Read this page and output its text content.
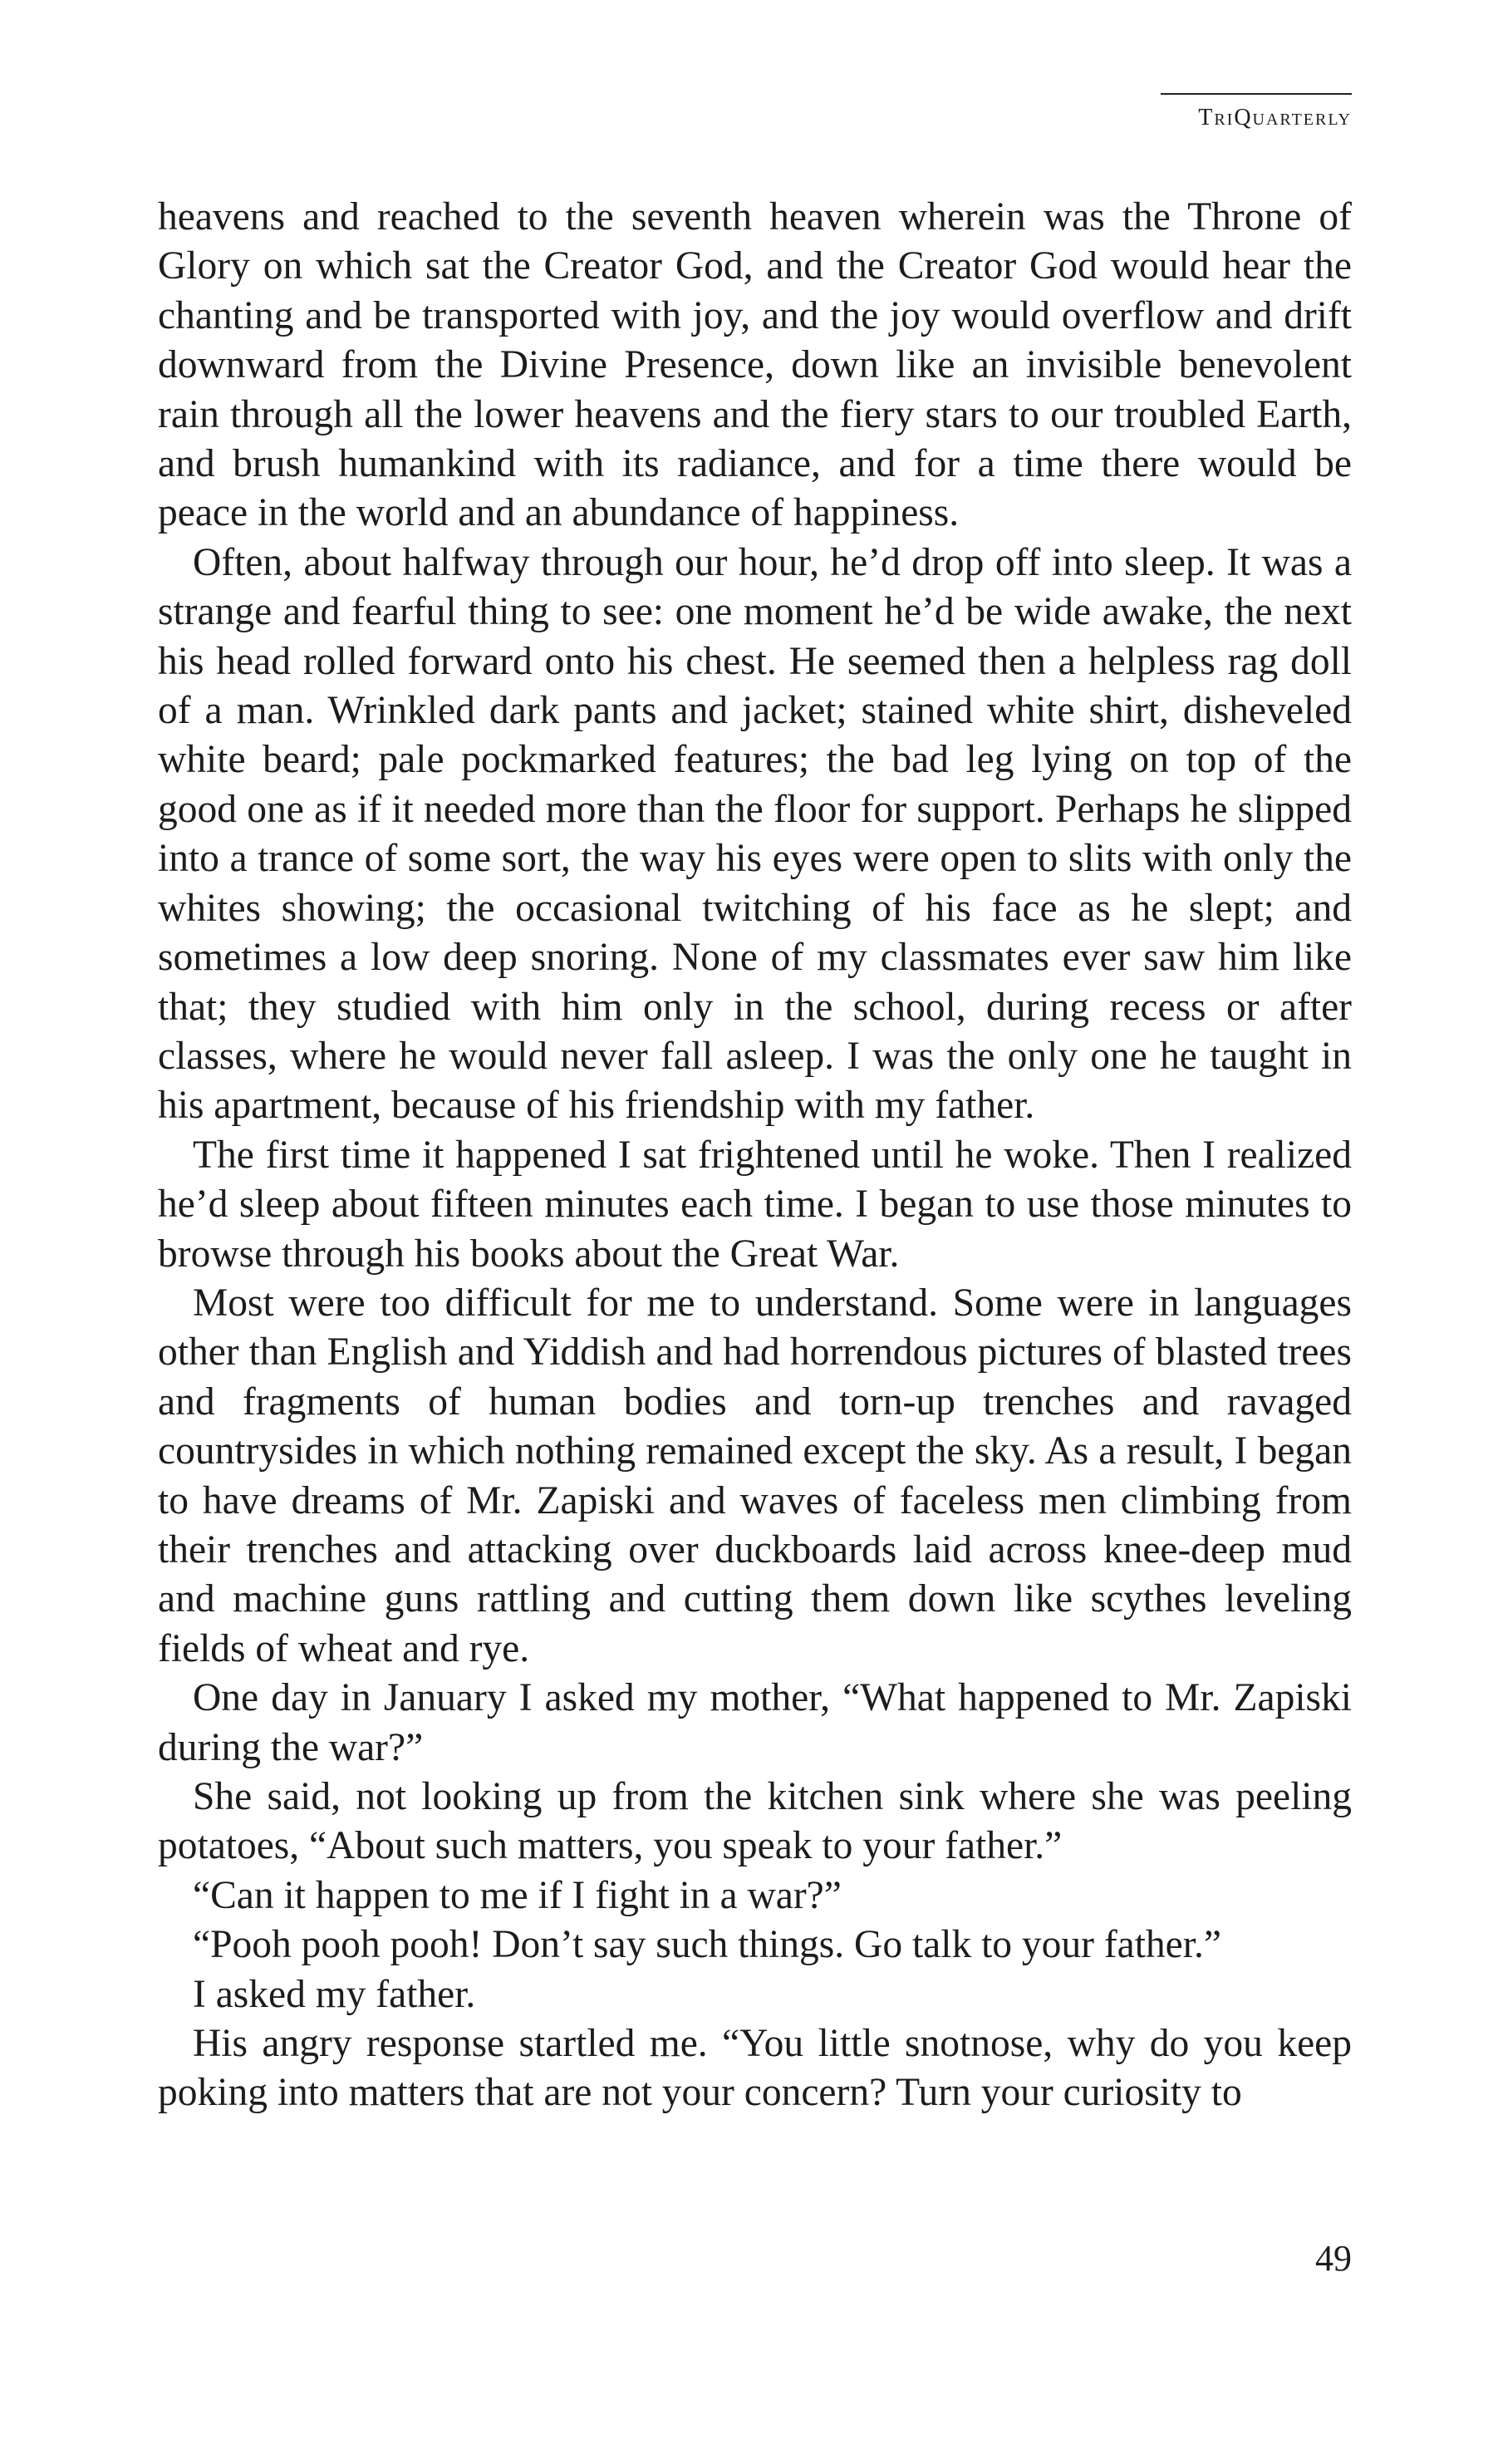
TriQuarterly

heavens and reached to the seventh heaven wherein was the Throne of Glory on which sat the Creator God, and the Creator God would hear the chanting and be transported with joy, and the joy would overflow and drift downward from the Divine Presence, down like an invisible benevolent rain through all the lower heavens and the fiery stars to our troubled Earth, and brush humankind with its radiance, and for a time there would be peace in the world and an abundance of happiness.

Often, about halfway through our hour, he’d drop off into sleep. It was a strange and fearful thing to see: one moment he’d be wide awake, the next his head rolled forward onto his chest. He seemed then a helpless rag doll of a man. Wrinkled dark pants and jacket; stained white shirt, disheveled white beard; pale pockmarked features; the bad leg lying on top of the good one as if it needed more than the floor for support. Perhaps he slipped into a trance of some sort, the way his eyes were open to slits with only the whites showing; the occasional twitching of his face as he slept; and sometimes a low deep snoring. None of my classmates ever saw him like that; they studied with him only in the school, during recess or after classes, where he would never fall asleep. I was the only one he taught in his apartment, because of his friendship with my father.

The first time it happened I sat frightened until he woke. Then I realized he’d sleep about fifteen minutes each time. I began to use those minutes to browse through his books about the Great War.

Most were too difficult for me to understand. Some were in languages other than English and Yiddish and had horrendous pictures of blasted trees and fragments of human bodies and torn-up trenches and ravaged countrysides in which nothing remained except the sky. As a result, I began to have dreams of Mr. Zapiski and waves of faceless men climbing from their trenches and attacking over duckboards laid across knee-deep mud and machine guns rattling and cutting them down like scythes leveling fields of wheat and rye.

One day in January I asked my mother, “What happened to Mr. Zapiski during the war?”

She said, not looking up from the kitchen sink where she was peeling potatoes, “About such matters, you speak to your father.”

“Can it happen to me if I fight in a war?”

“Pooh pooh pooh! Don’t say such things. Go talk to your father.”

I asked my father.

His angry response startled me. “You little snotnose, why do you keep poking into matters that are not your concern? Turn your curiosity to

49
